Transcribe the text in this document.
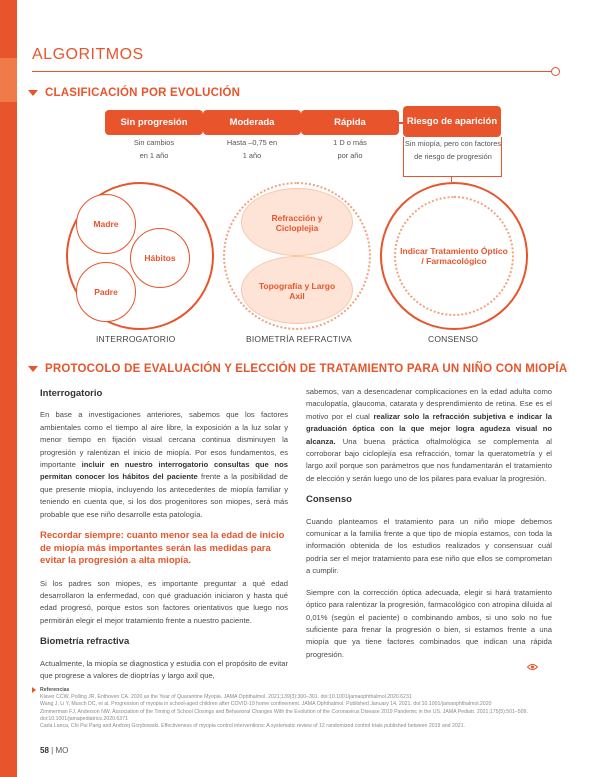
ALGORITMOS
CLASIFICACIÓN POR EVOLUCIÓN
Sin progresión	Moderada	Rápida	Riesgo de aparición
Sin cambios en 1 año
Hasta –0,75 en 1 año
1 D o más por año
Sin miopía, pero con factores de riesgo de progresión
Madre
Hábitos
Padre
INTERROGATORIO
Refracción y Cicloplejia
Topografía y Largo Axil
BIOMETRÍA REFRACTIVA
Indicar Tratamiento Óptico / Farmacológico
CONSENSO
PROTOCOLO DE EVALUACIÓN Y ELECCIÓN DE TRATAMIENTO PARA UN NIÑO CON MIOPÍA
Interrogatorio

En base a investigaciones anteriores, sabemos que los factores ambientales como el tiempo al aire libre, la exposición a la luz solar y menor tiempo en fijación visual cercana continua disminuyen la progresión y ralentizan el inicio de miopía. Por esos fundamentos, es importante incluir en nuestro interrogatorio consultas que nos permitan conocer los hábitos del paciente frente a la posibilidad de que presente miopía, incluyendo los antecedentes de miopía familiar y teniendo en cuenta que, si los dos progenitores son miopes, será más probable que ese niño desarrolle esta patología.

Recordar siempre: cuanto menor sea la edad de inicio de miopía más importantes serán las medidas para evitar la progresión a alta miopía.

Si los padres son miopes, es importante preguntar a qué edad desarrollaron la enfermedad, con qué graduación iniciaron y hasta qué edad progresó, porque estos son factores orientativos que luego nos permitirán elegir el mejor tratamiento frente a nuestro paciente.

Biometría refractiva

Actualmente, la miopía se diagnostica y estudia con el propósito de evitar que progrese a valores de dioptrías y largo axil que,

sabemos, van a desencadenar complicaciones en la edad adulta como maculopatía, glaucoma, catarata y desprendimiento de retina. Ese es el motivo por el cual realizar solo la refracción subjetiva e indicar la graduación óptica con la que mejor logra agudeza visual no alcanza. Una buena práctica oftalmológica se complementa al corroborar bajo cicloplejía esa refracción, tomar la queratometría y el largo axil porque son parámetros que nos fundamentarán el tratamiento de elección y serán luego uno de los pilares para evaluar la progresión.

Consenso

Cuando planteamos el tratamiento para un niño miope debemos comunicar a la familia frente a que tipo de miopía estamos, con toda la información obtenida de los estudios realizados y consensuar cuál podría ser el mejor tratamiento para ese niño que ellos se comprometan a cumplir.

Siempre con la corrección óptica adecuada, elegir si hará tratamiento óptico para ralentizar la progresión, farmacológico con atropina diluida al 0,01% (según el paciente) o combinando ambos, si uno solo no fue suficiente para frenar la progresión o bien, si estamos frente a una miopía que ya tiene factores combinados que indican una rápida progresión.

Referencias
Klaver CCW, Polling JR, Enthoven CA. 2020 as the Year of Quarantine Myopia. JAMA Ophthalmol. 2021;139(3):300–301. doi:10.1001/jamaophthalmol.2020.6231
Wang J, Li Y, Musch DC, et al. Progression of myopia in school-aged children after COVID-19 home confinement. JAMA Ophthalmol. Published January 14, 2021. doi:10.1001/jamaophthalmol.2020
Zimmerman FJ, Anderson NW. Association of the Timing of School Closings and Behavioral Changes With the Evolution of the Coronavirus Disease 2019 Pandemic in the US. JAMA Pediatr. 2021;175(5):501–509. doi:10.1001/jamapediatrics.2020.6371
Carla Lanca, Chi Pui Pang and Andrzej Grzybowski. Effectiveness of myopia control interventions: A systematic review of 12 randomized control trials published between 2019 and 2021.
58 | MO
